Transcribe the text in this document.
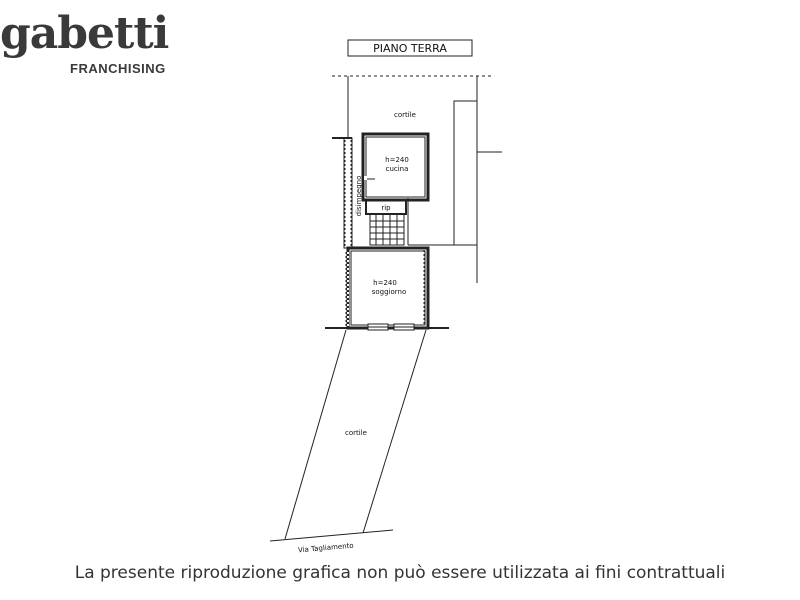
gabetti
FRANCHISING
PIANO TERRA
cortile
h=240
cucina
disimpegno	rip
h=240
soggiorno
cortile
Via Tagliamento
La presente riproduzione grafica non può essere utilizzata ai fini contrattuali
